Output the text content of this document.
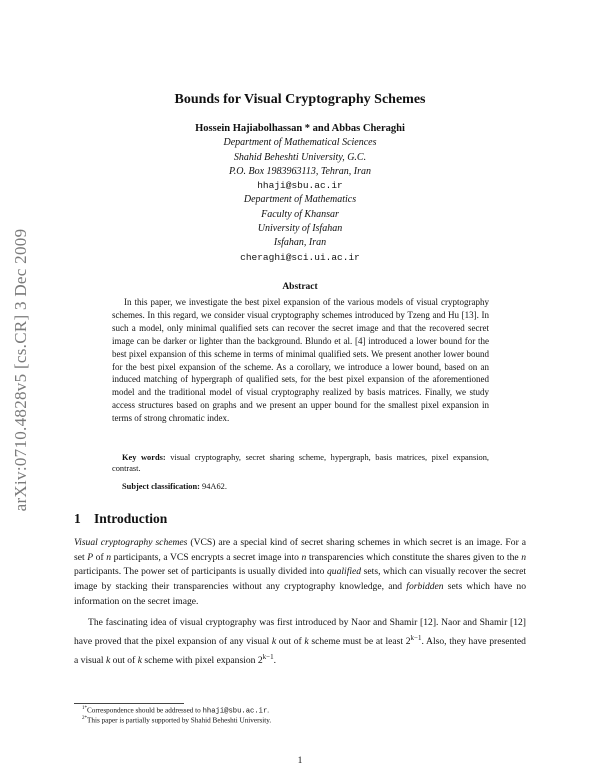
arXiv:0710.4828v5 [cs.CR] 3 Dec 2009
Bounds for Visual Cryptography Schemes
Hossein Hajiabolhassan * and Abbas Cheraghi
Department of Mathematical Sciences
Shahid Beheshti University, G.C.
P.O. Box 1983963113, Tehran, Iran
hhaji@sbu.ac.ir
Department of Mathematics
Faculty of Khansar
University of Isfahan
Isfahan, Iran
cheraghi@sci.ui.ac.ir
Abstract

In this paper, we investigate the best pixel expansion of the various models of visual cryptography schemes. In this regard, we consider visual cryptography schemes introduced by Tzeng and Hu [13]. In such a model, only minimal qualified sets can recover the secret image and that the recovered secret image can be darker or lighter than the background. Blundo et al. [4] introduced a lower bound for the best pixel expansion of this scheme in terms of minimal qualified sets. We present another lower bound for the best pixel expansion of the scheme. As a corollary, we introduce a lower bound, based on an induced matching of hypergraph of qualified sets, for the best pixel expansion of the aforementioned model and the traditional model of visual cryptography realized by basis matrices. Finally, we study access structures based on graphs and we present an upper bound for the smallest pixel expansion in terms of strong chromatic index.

Key words: visual cryptography, secret sharing scheme, hypergraph, basis matrices, pixel expansion, contrast.
Subject classification: 94A62.
1 Introduction

Visual cryptography schemes (VCS) are a special kind of secret sharing schemes in which secret is an image. For a set P of n participants, a VCS encrypts a secret image into n transparencies which constitute the shares given to the n participants. The power set of participants is usually divided into qualified sets, which can visually recover the secret image by stacking their transparencies without any cryptography knowledge, and forbidden sets which have no information on the secret image.

The fascinating idea of visual cryptography was first introduced by Naor and Shamir [12]. Naor and Shamir [12] have proved that the pixel expansion of any visual k out of k scheme must be at least $2^{k-1}$. Also, they have presented a visual k out of k scheme with pixel expansion $2^{k-1}$.

$^{1*}$Correspondence should be addressed to hhaji@sbu.ac.ir.
$^{2*}$This paper is partially supported by Shahid Beheshti University.
1
